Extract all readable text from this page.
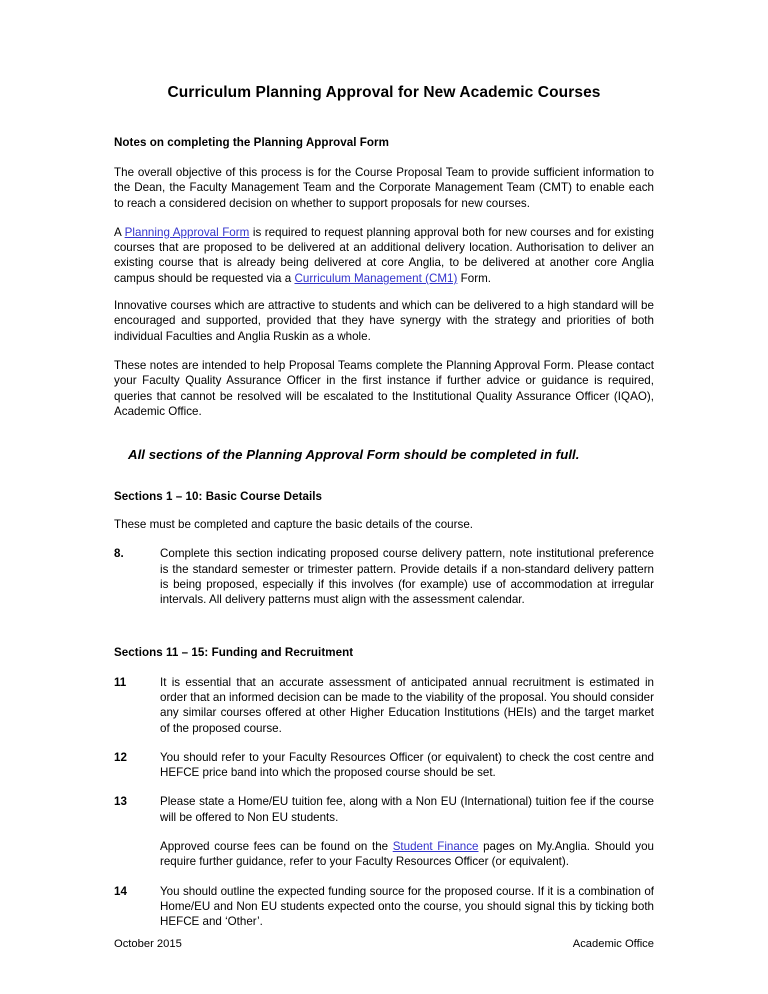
Curriculum Planning Approval for New Academic Courses
Notes on completing the Planning Approval Form

The overall objective of this process is for the Course Proposal Team to provide sufficient information to the Dean, the Faculty Management Team and the Corporate Management Team (CMT) to enable each to reach a considered decision on whether to support proposals for new courses.

A Planning Approval Form is required to request planning approval both for new courses and for existing courses that are proposed to be delivered at an additional delivery location. Authorisation to deliver an existing course that is already being delivered at core Anglia, to be delivered at another core Anglia campus should be requested via a Curriculum Management (CM1) Form.

Innovative courses which are attractive to students and which can be delivered to a high standard will be encouraged and supported, provided that they have synergy with the strategy and priorities of both individual Faculties and Anglia Ruskin as a whole.

These notes are intended to help Proposal Teams complete the Planning Approval Form. Please contact your Faculty Quality Assurance Officer in the first instance if further advice or guidance is required, queries that cannot be resolved will be escalated to the Institutional Quality Assurance Officer (IQAO), Academic Office.

All sections of the Planning Approval Form should be completed in full.

Sections 1 – 10: Basic Course Details

These must be completed and capture the basic details of the course.

8.	Complete this section indicating proposed course delivery pattern, note institutional preference is the standard semester or trimester pattern. Provide details if a non-standard delivery pattern is being proposed, especially if this involves (for example) use of accommodation at irregular intervals. All delivery patterns must align with the assessment calendar.
Sections 11 – 15: Funding and Recruitment
11	It is essential that an accurate assessment of anticipated annual recruitment is estimated in order that an informed decision can be made to the viability of the proposal. You should consider any similar courses offered at other Higher Education Institutions (HEIs) and the target market of the proposed course.
12	You should refer to your Faculty Resources Officer (or equivalent) to check the cost centre and HEFCE price band into which the proposed course should be set.
13	Please state a Home/EU tuition fee, along with a Non EU (International) tuition fee if the course will be offered to Non EU students.

Approved course fees can be found on the Student Finance pages on My.Anglia. Should you require further guidance, refer to your Faculty Resources Officer (or equivalent).

14	You should outline the expected funding source for the proposed course. If it is a combination of Home/EU and Non EU students expected onto the course, you should signal this by ticking both HEFCE and ‘Other’.
October 2015	Academic Office
